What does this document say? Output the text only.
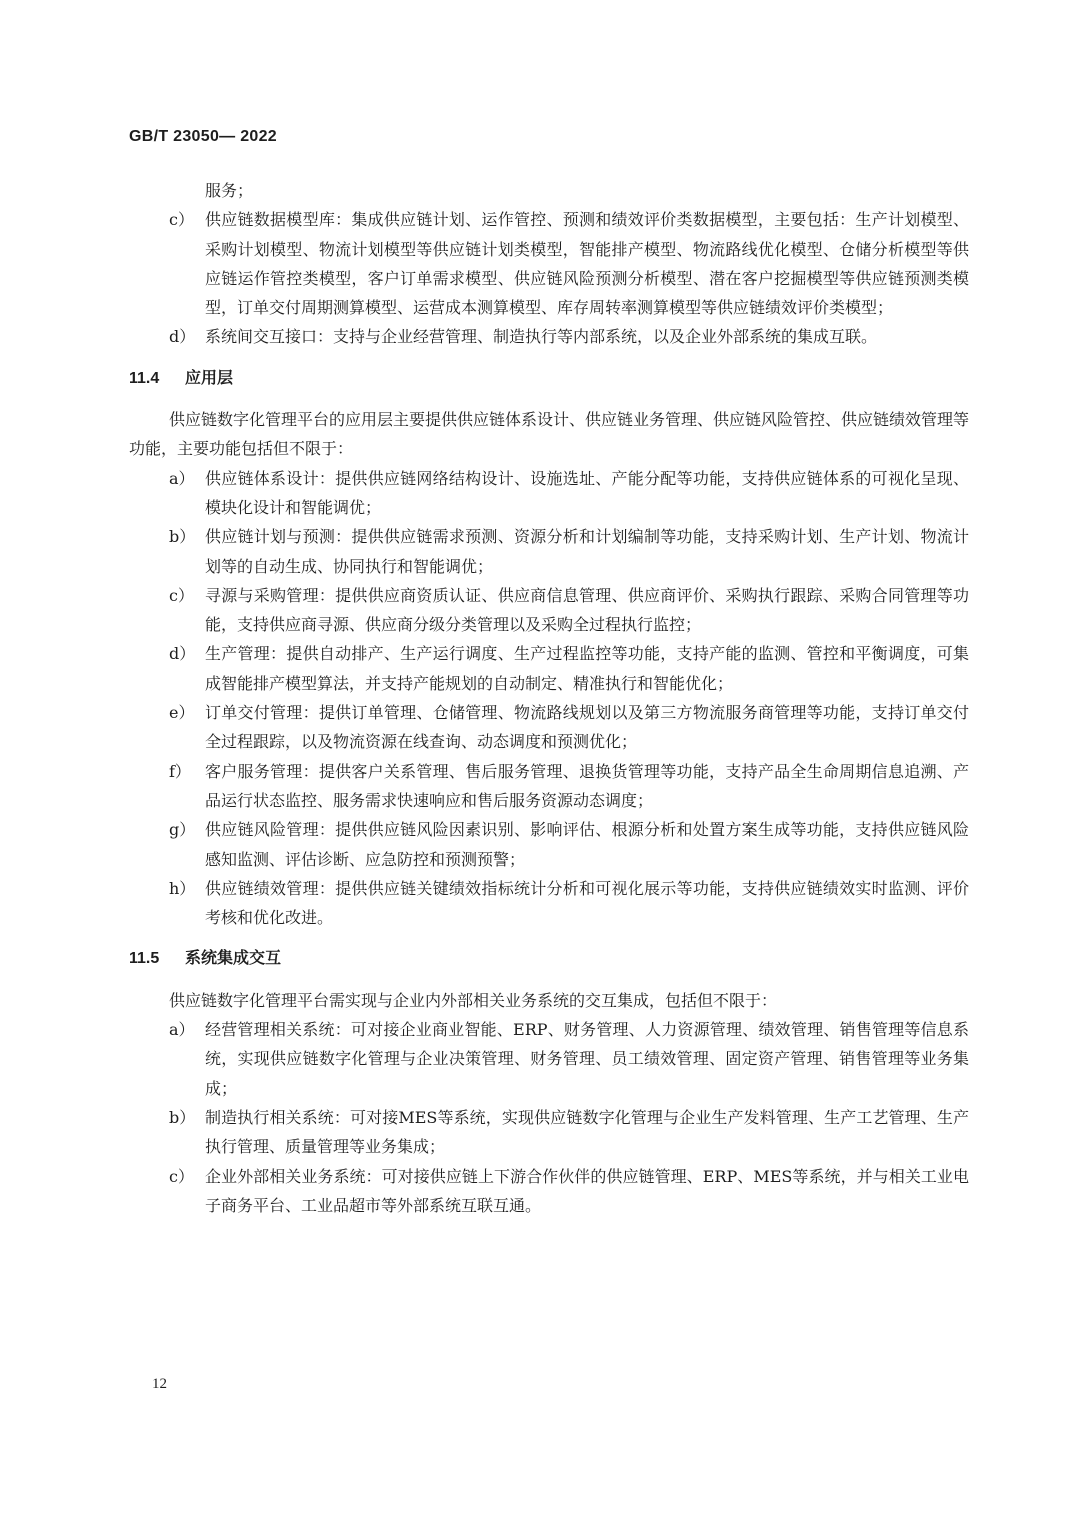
GB/T 23050— 2022
服务；
c） 供应链数据模型库：集成供应链计划、运作管控、预测和绩效评价类数据模型，主要包括：生产计划模型、采购计划模型、物流计划模型等供应链计划类模型，智能排产模型、物流路线优化模型、仓储分析模型等供应链运作管控类模型，客户订单需求模型、供应链风险预测分析模型、潜在客户挖掘模型等供应链预测类模型，订单交付周期测算模型、运营成本测算模型、库存周转率测算模型等供应链绩效评价类模型；
d） 系统间交互接口：支持与企业经营管理、制造执行等内部系统，以及企业外部系统的集成互联。
11.4 应用层
供应链数字化管理平台的应用层主要提供供应链体系设计、供应链业务管理、供应链风险管控、供应链绩效管理等功能，主要功能包括但不限于：
a） 供应链体系设计：提供供应链网络结构设计、设施选址、产能分配等功能，支持供应链体系的可视化呈现、模块化设计和智能调优；
b） 供应链计划与预测：提供供应链需求预测、资源分析和计划编制等功能，支持采购计划、生产计划、物流计划等的自动生成、协同执行和智能调优；
c） 寻源与采购管理：提供供应商资质认证、供应商信息管理、供应商评价、采购执行跟踪、采购合同管理等功能，支持供应商寻源、供应商分级分类管理以及采购全过程执行监控；
d） 生产管理：提供自动排产、生产运行调度、生产过程监控等功能，支持产能的监测、管控和平衡调度，可集成智能排产模型算法，并支持产能规划的自动制定、精准执行和智能优化；
e） 订单交付管理：提供订单管理、仓储管理、物流路线规划以及第三方物流服务商管理等功能，支持订单交付全过程跟踪，以及物流资源在线查询、动态调度和预测优化；
f） 客户服务管理：提供客户关系管理、售后服务管理、退换货管理等功能，支持产品全生命周期信息追溯、产品运行状态监控、服务需求快速响应和售后服务资源动态调度；
g） 供应链风险管理：提供供应链风险因素识别、影响评估、根源分析和处置方案生成等功能，支持供应链风险感知监测、评估诊断、应急防控和预测预警；
h） 供应链绩效管理：提供供应链关键绩效指标统计分析和可视化展示等功能，支持供应链绩效实时监测、评价考核和优化改进。
11.5 系统集成交互
供应链数字化管理平台需实现与企业内外部相关业务系统的交互集成，包括但不限于：
a） 经营管理相关系统：可对接企业商业智能、ERP、财务管理、人力资源管理、绩效管理、销售管理等信息系统，实现供应链数字化管理与企业决策管理、财务管理、员工绩效管理、固定资产管理、销售管理等业务集成；
b） 制造执行相关系统：可对接MES等系统，实现供应链数字化管理与企业生产发料管理、生产工艺管理、生产执行管理、质量管理等业务集成；
c） 企业外部相关业务系统：可对接供应链上下游合作伙伴的供应链管理、ERP、MES等系统，并与相关工业电子商务平台、工业品超市等外部系统互联互通。
12
